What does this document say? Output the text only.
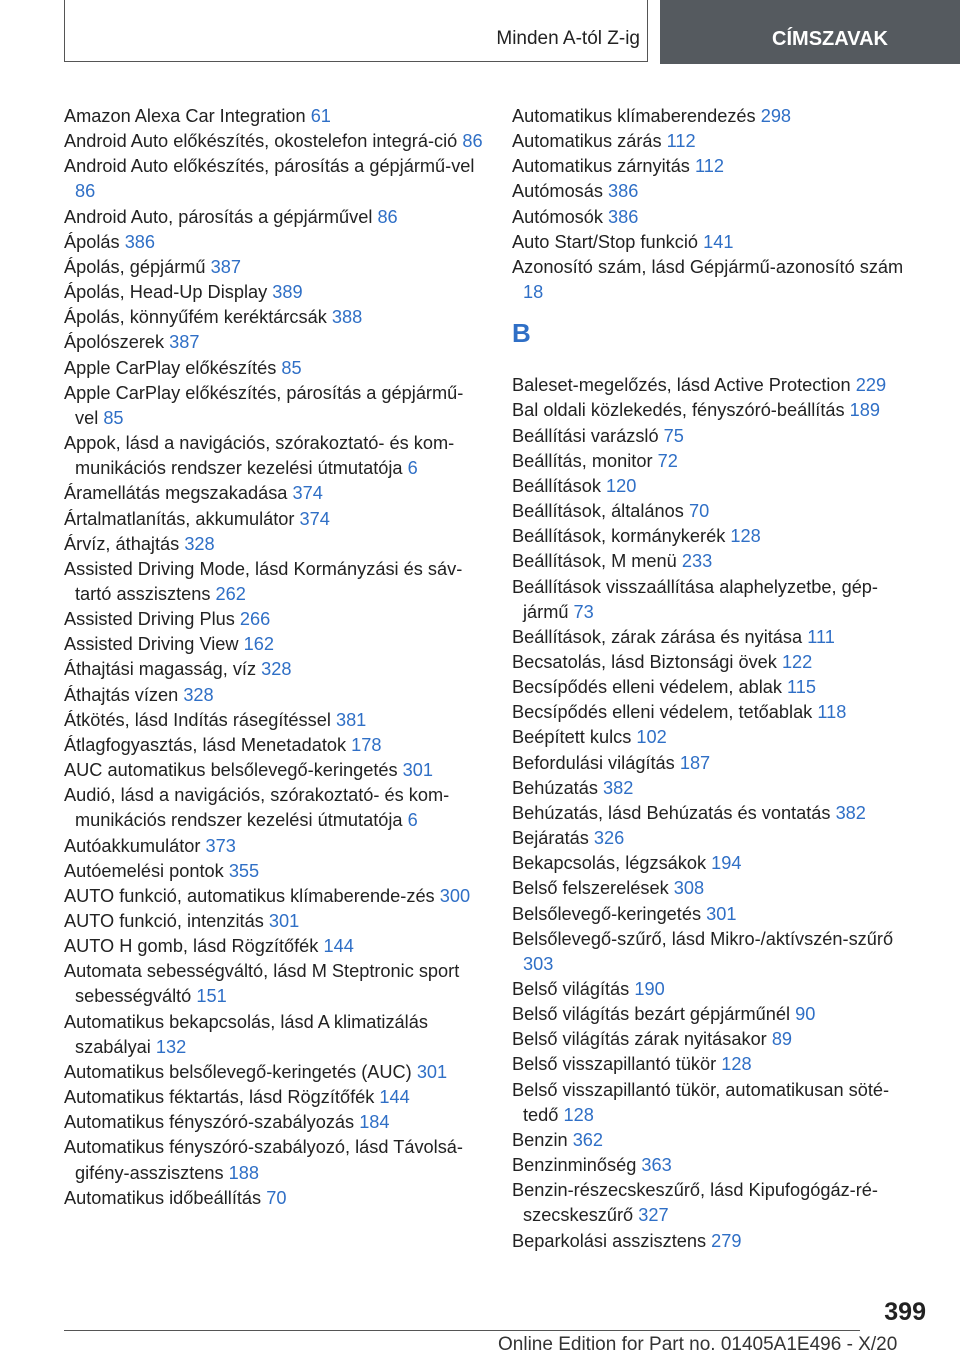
Minden A-tól Z-ig	CÍMSZAVAK
Amazon Alexa Car Integration 61
Android Auto előkészítés, okostelefon integrá-ció 86
Android Auto előkészítés, párosítás a gépjármű-vel 86
Android Auto, párosítás a gépjárművel 86
Ápolás 386
Ápolás, gépjármű 387
Ápolás, Head-Up Display 389
Ápolás, könnyűfém keréktárcsák 388
Ápolószerek 387
Apple CarPlay előkészítés 85
Apple CarPlay előkészítés, párosítás a gépjármű-vel 85
Appok, lásd a navigációs, szórakoztató- és kom-munikációs rendszer kezelési útmutatója 6
Áramellátás megszakadása 374
Ártalmatlanítás, akkumulátor 374
Árvíz, áthajtás 328
Assisted Driving Mode, lásd Kormányzási és sáv-tartó asszisztens 262
Assisted Driving Plus 266
Assisted Driving View 162
Áthajtási magasság, víz 328
Áthajtás vízen 328
Átkötés, lásd Indítás rásegítéssel 381
Átlagfogyasztás, lásd Menetadatok 178
AUC automatikus belsőlevegő-keringetés 301
Audió, lásd a navigációs, szórakoztató- és kom-munikációs rendszer kezelési útmutatója 6
Autóakkumulátor 373
Autóemelési pontok 355
AUTO funkció, automatikus klímaberende-zés 300
AUTO funkció, intenzitás 301
AUTO H gomb, lásd Rögzítőfék 144
Automata sebességváltó, lásd M Steptronic sport sebességváltó 151
Automatikus bekapcsolás, lásd A klimatizálás szabályai 132
Automatikus belsőlevegő-keringetés (AUC) 301
Automatikus féktartás, lásd Rögzítőfék 144
Automatikus fényszóró-szabályozás 184
Automatikus fényszóró-szabályozó, lásd Távolsá-gifény-asszisztens 188
Automatikus időbeállítás 70
Automatikus klímaberendezés 298
Automatikus zárás 112
Automatikus zárnyitás 112
Autómosás 386
Autómosók 386
Auto Start/Stop funkció 141
Azonosító szám, lásd Gépjármű-azonosító szám 18
B
Baleset-megelőzés, lásd Active Protection 229
Bal oldali közlekedés, fényszóró-beállítás 189
Beállítási varázsló 75
Beállítás, monitor 72
Beállítások 120
Beállítások, általános 70
Beállítások, kormánykerék 128
Beállítások, M menü 233
Beállítások visszaállítása alaphelyzetbe, gép-jármű 73
Beállítások, zárak zárása és nyitása 111
Becsatolás, lásd Biztonsági övek 122
Becsípődés elleni védelem, ablak 115
Becsípődés elleni védelem, tetőablak 118
Beépített kulcs 102
Befordulási világítás 187
Behúzatás 382
Behúzatás, lásd Behúzatás és vontatás 382
Bejáratás 326
Bekapcsolás, légzsákok 194
Belső felszerelések 308
Belsőlevegő-keringetés 301
Belsőlevegő-szűrő, lásd Mikro-/aktívszén-szűrő 303
Belső világítás 190
Belső világítás bezárt gépjárműnél 90
Belső világítás zárak nyitásakor 89
Belső visszapillantó tükör 128
Belső visszapillantó tükör, automatikusan söté-tedő 128
Benzin 362
Benzinminőség 363
Benzin-részecskeszűrő, lásd Kipufogógáz-ré-szecskeszűrő 327
Beparkolási asszisztens 279
399
Online Edition for Part no. 01405A1E496 - X/20
